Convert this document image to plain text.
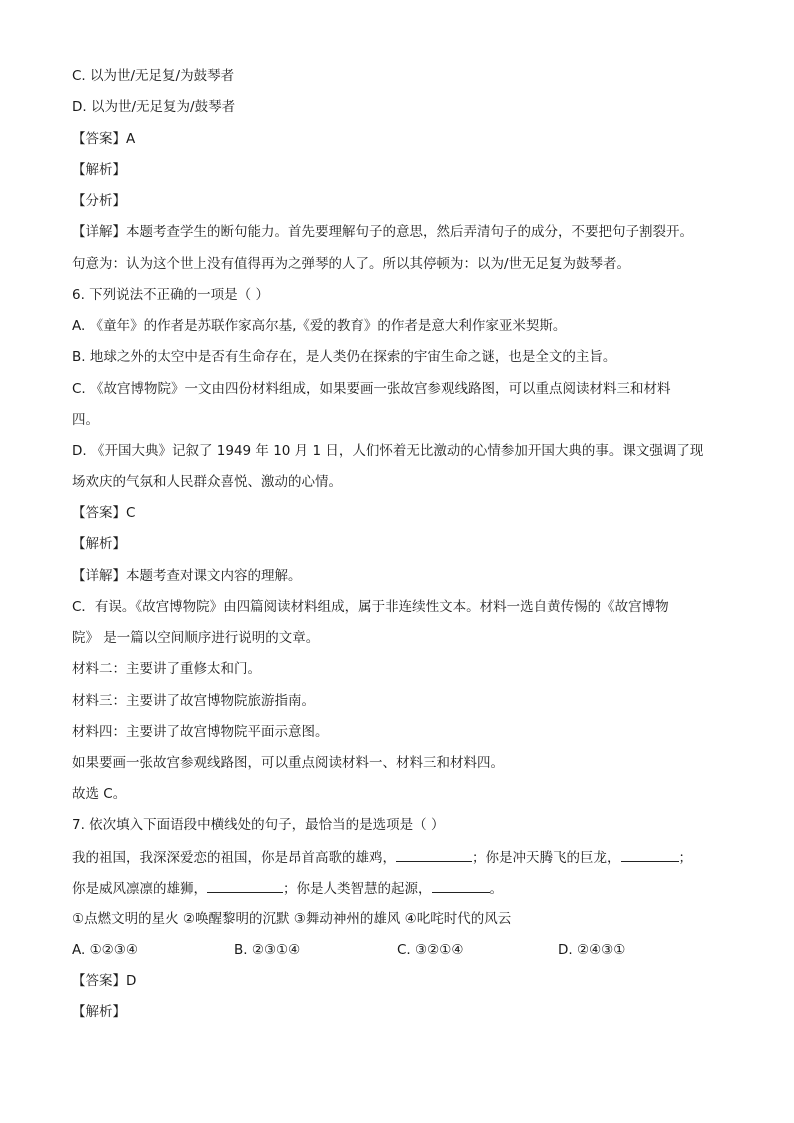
C. 以为世/无足复/为鼓琴者
D. 以为世/无足复为/鼓琴者
【答案】A
【解析】
【分析】
【详解】本题考查学生的断句能力。首先要理解句子的意思，然后弄清句子的成分，不要把句子割裂开。
句意为：认为这个世上没有值得再为之弹琴的人了。所以其停顿为：以为/世无足复为鼓琴者。
6. 下列说法不正确的一项是（ ）
A. 《童年》的作者是苏联作家高尔基,《爱的教育》的作者是意大利作家亚米契斯。
B. 地球之外的太空中是否有生命存在，是人类仍在探索的宇宙生命之谜，也是全文的主旨。
C. 《故宫博物院》一文由四份材料组成，如果要画一张故宫参观线路图，可以重点阅读材料三和材料
四。
D. 《开国大典》记叙了 1949 年 10 月 1 日，人们怀着无比激动的心情参加开国大典的事。课文强调了现
场欢庆的气氛和人民群众喜悦、激动的心情。
【答案】C
【解析】
【详解】本题考查对课文内容的理解。
C．有误。《故宫博物院》由四篇阅读材料组成，属于非连续性文本。材料一选自黄传惕的《故宫博物
院》 是一篇以空间顺序进行说明的文章。
材料二：主要讲了重修太和门。
材料三：主要讲了故宫博物院旅游指南。
材料四：主要讲了故宫博物院平面示意图。
如果要画一张故宫参观线路图，可以重点阅读材料一、材料三和材料四。
故选 C。
7. 依次填入下面语段中横线处的句子，最恰当的是选项是（ ）
我的祖国，我深深爱恋的祖国，你是昂首高歌的雄鸡，	；你是冲天腾飞的巨龙，	；
你是威风凛凛的雄狮，	；你是人类智慧的起源，	。
①点燃文明的星火 ②唤醒黎明的沉默 ③舞动神州的雄风 ④叱咤时代的风云
A. ①②③④	B. ②③①④	C. ③②①④	D. ②④③①
【答案】D
【解析】
